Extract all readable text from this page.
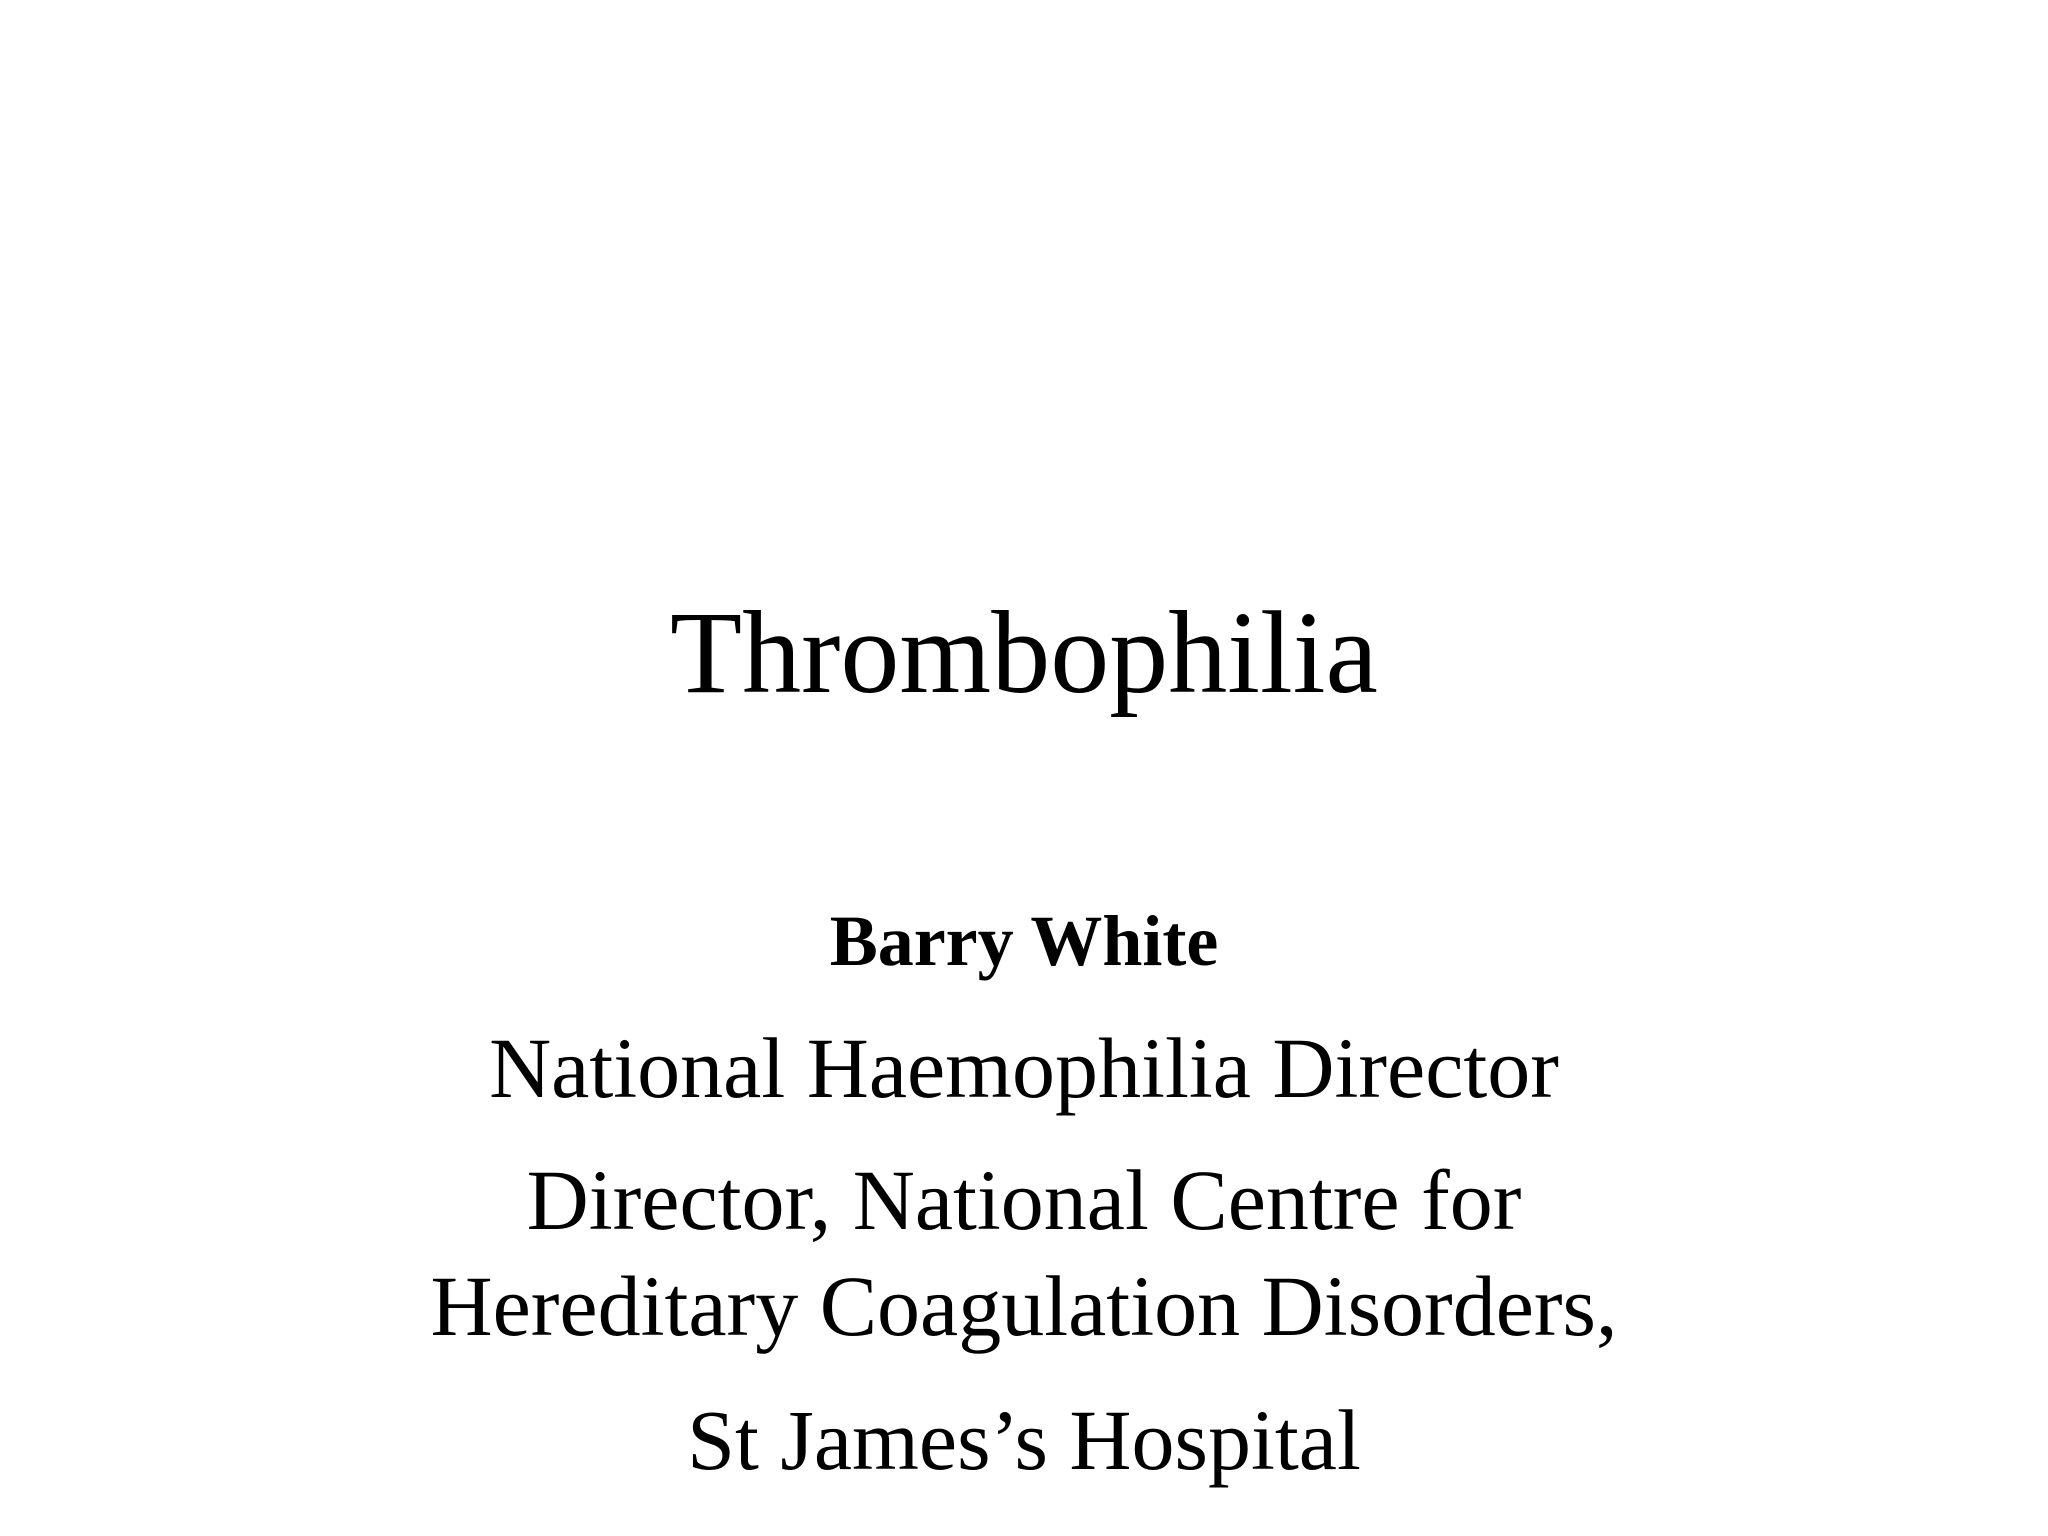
Thrombophilia

Barry White

National Haemophilia Director

Director, National Centre for

Hereditary Coagulation Disorders,

St James’s Hospital
